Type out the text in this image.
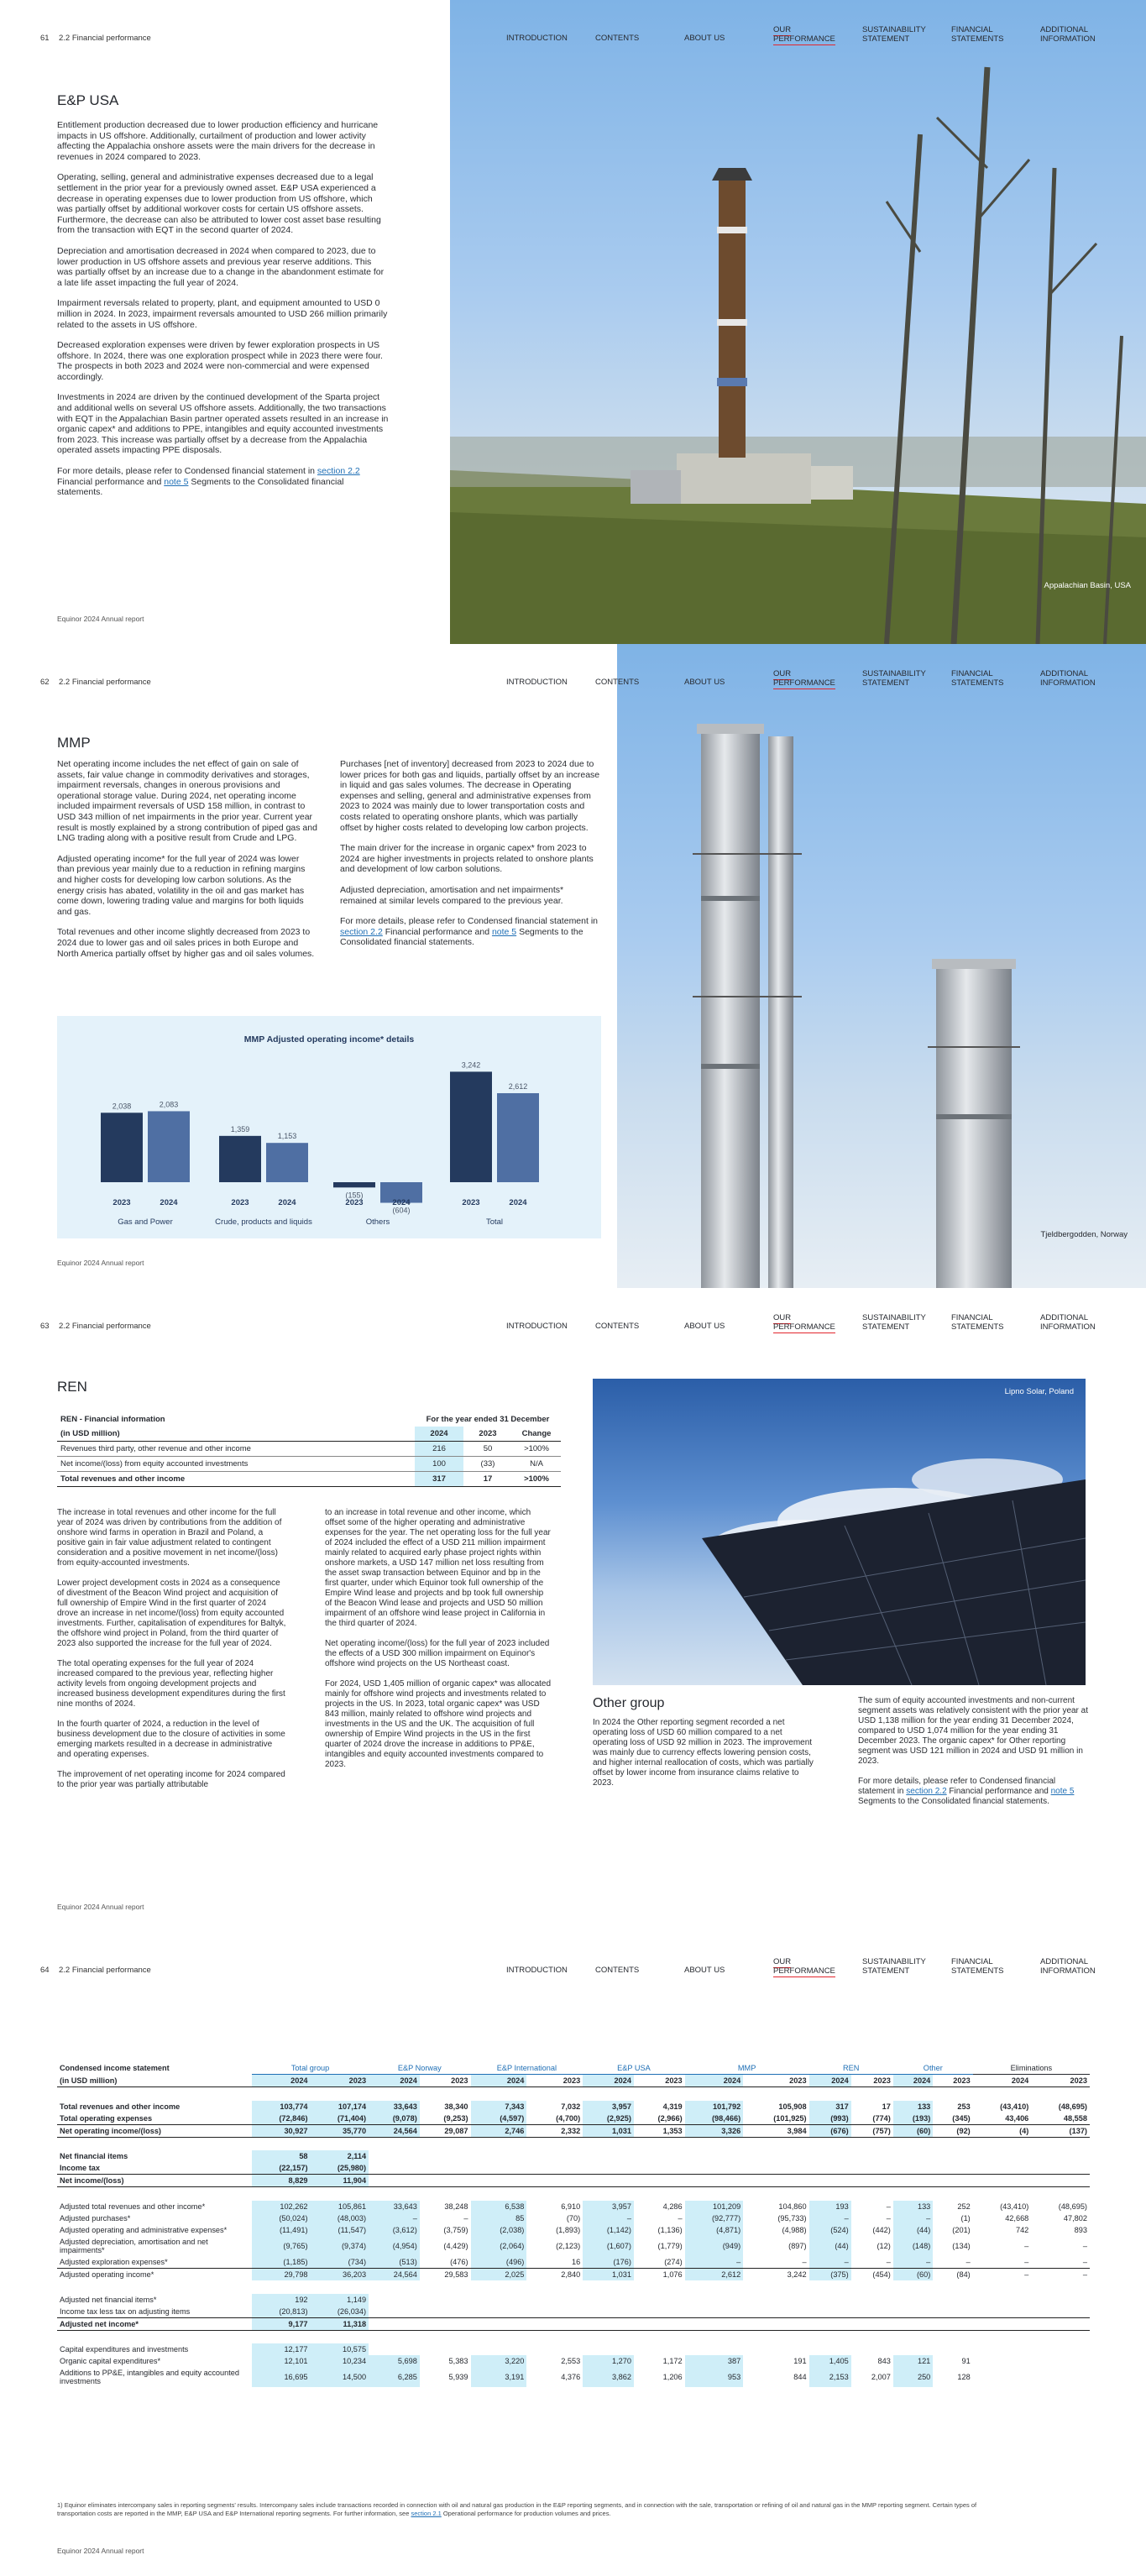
Appalachian Basin, USA
61 2.2 Financial performance	INTRODUCTION	CONTENTS	ABOUT US
OUR
PERFORMANCE
SUSTAINABILITY
STATEMENT
FINANCIAL
STATEMENTS
ADDITIONAL
INFORMATION
E&P USA

Entitlement production decreased due to lower production efficiency and hurricane impacts in US offshore. Additionally, curtailment of production and lower activity affecting the Appalachia onshore assets were the main drivers for the decrease in revenues in 2024 compared to 2023.

Operating, selling, general and administrative expenses decreased due to a legal settlement in the prior year for a previously owned asset. E&P USA experienced a decrease in operating expenses due to lower production from US offshore, which was partially offset by additional workover costs for certain US offshore assets. Furthermore, the decrease can also be attributed to lower cost asset base resulting from the transaction with EQT in the second quarter of 2024.

Depreciation and amortisation decreased in 2024 when compared to 2023, due to lower production in US offshore assets and previous year reserve additions. This was partially offset by an increase due to a change in the abandonment estimate for a late life asset impacting the full year of 2024.

Impairment reversals related to property, plant, and equipment amounted to USD 0 million in 2024. In 2023, impairment reversals amounted to USD 266 million primarily related to the assets in US offshore.

Decreased exploration expenses were driven by fewer exploration prospects in US offshore. In 2024, there was one exploration prospect while in 2023 there were four. The prospects in both 2023 and 2024 were non-commercial and were expensed accordingly.

Investments in 2024 are driven by the continued development of the Sparta project and additional wells on several US offshore assets. Additionally, the two transactions with EQT in the Appalachian Basin partner operated assets resulted in an increase in organic capex* and additions to PPE, intangibles and equity accounted investments from 2023. This increase was partially offset by a decrease from the Appalachia operated assets impacting PPE disposals.

For more details, please refer to Condensed financial statement in section 2.2 Financial performance and note 5 Segments to the Consolidated financial statements.

Equinor 2024 Annual report
Tjeldbergodden, Norway
62 2.2 Financial performance	INTRODUCTION	CONTENTS	ABOUT US
OUR
PERFORMANCE
SUSTAINABILITY
STATEMENT
FINANCIAL
STATEMENTS
ADDITIONAL
INFORMATION
MMP

Net operating income includes the net effect of gain on sale of assets, fair value change in commodity derivatives and storages, impairment reversals, changes in onerous provisions and operational storage value. During 2024, net operating income included impairment reversals of USD 158 million, in contrast to USD 343 million of net impairments in the prior year. Current year result is mostly explained by a strong contribution of piped gas and LNG trading along with a positive result from Crude and LPG.

Adjusted operating income* for the full year of 2024 was lower than previous year mainly due to a reduction in refining margins and higher costs for developing low carbon solutions. As the energy crisis has abated, volatility in the oil and gas market has come down, lowering trading value and margins for both liquids and gas.

Total revenues and other income slightly decreased from 2023 to 2024 due to lower gas and oil sales prices in both Europe and North America partially offset by higher gas and oil sales volumes.

Purchases [net of inventory] decreased from 2023 to 2024 due to lower prices for both gas and liquids, partially offset by an increase in liquid and gas sales volumes. The decrease in Operating expenses and selling, general and administrative expenses from 2023 to 2024 was mainly due to lower transportation costs and costs related to operating onshore plants, which was partially offset by higher costs related to developing low carbon projects.

The main driver for the increase in organic capex* from 2023 to 2024 are higher investments in projects related to onshore plants and development of low carbon solutions.

Adjusted depreciation, amortisation and net impairments* remained at similar levels compared to the previous year.

For more details, please refer to Condensed financial statement in section 2.2 Financial performance and note 5 Segments to the Consolidated financial statements.

MMP Adjusted operating income* details
2,038
2023
2,083
2024
Gas and Power
1,359
2023
1,153
2024
Crude, products and liquids
(155)
2023
(604)
2024
Others
3,242
2023
2,612
2024
Total
Equinor 2024 Annual report
Lipno Solar, Poland
63 2.2 Financial performance	INTRODUCTION	CONTENTS	ABOUT US
OUR
PERFORMANCE
SUSTAINABILITY
STATEMENT
FINANCIAL
STATEMENTS
ADDITIONAL
INFORMATION
REN
REN - Financial information	For the year ended 31 December		
(in USD million)	2024	2023	Change
Revenues third party, other revenue and other income	216	50	>100%
Net income/(loss) from equity accounted investments	100	(33)	N/A
Total revenues and other income	317	17	>100%

The increase in total revenues and other income for the full year of 2024 was driven by contributions from the addition of onshore wind farms in operation in Brazil and Poland, a positive gain in fair value adjustment related to contingent consideration and a positive movement in net income/(loss) from equity-accounted investments.

Lower project development costs in 2024 as a consequence of divestment of the Beacon Wind project and acquisition of full ownership of Empire Wind in the first quarter of 2024 drove an increase in net income/(loss) from equity accounted investments. Further, capitalisation of expenditures for Baltyk, the offshore wind project in Poland, from the third quarter of 2023 also supported the increase for the full year of 2024.

The total operating expenses for the full year of 2024 increased compared to the previous year, reflecting higher activity levels from ongoing development projects and increased business development expenditures during the first nine months of 2024.

In the fourth quarter of 2024, a reduction in the level of business development due to the closure of activities in some emerging markets resulted in a decrease in administrative and operating expenses.

The improvement of net operating income for 2024 compared to the prior year was partially attributable

to an increase in total revenue and other income, which offset some of the higher operating and administrative expenses for the year. The net operating loss for the full year of 2024 included the effect of a USD 211 million impairment mainly related to acquired early phase project rights within onshore markets, a USD 147 million net loss resulting from the asset swap transaction between Equinor and bp in the first quarter, under which Equinor took full ownership of the Empire Wind lease and projects and bp took full ownership of the Beacon Wind lease and projects and USD 50 million impairment of an offshore wind lease project in California in the third quarter of 2024.

Net operating income/(loss) for the full year of 2023 included the effects of a USD 300 million impairment on Equinor's offshore wind projects on the US Northeast coast.

For 2024, USD 1,405 million of organic capex* was allocated mainly for offshore wind projects and investments related to projects in the US. In 2023, total organic capex* was USD 843 million, mainly related to offshore wind projects and investments in the US and the UK. The acquisition of full ownership of Empire Wind projects in the US in the first quarter of 2024 drove the increase in additions to PP&E, intangibles and equity accounted investments compared to 2023.

Other group

In 2024 the Other reporting segment recorded a net operating loss of USD 60 million compared to a net operating loss of USD 92 million in 2023. The improvement was mainly due to currency effects lowering pension costs, and higher internal reallocation of costs, which was partially offset by lower income from insurance claims relative to 2023.

The sum of equity accounted investments and non-current segment assets was relatively consistent with the prior year at USD 1,138 million for the year ending 31 December 2024, compared to USD 1,074 million for the year ending 31 December 2023. The organic capex* for Other reporting segment was USD 121 million in 2024 and USD 91 million in 2023.

For more details, please refer to Condensed financial statement in section 2.2 Financial performance and note 5 Segments to the Consolidated financial statements.

Equinor 2024 Annual report
64 2.2 Financial performance	INTRODUCTION	CONTENTS	ABOUT US
OUR
PERFORMANCE
SUSTAINABILITY
STATEMENT
FINANCIAL
STATEMENTS
ADDITIONAL
INFORMATION
Condensed income statement	Total group		E&P Norway		E&P International		E&P USA		MMP		REN		Other		Eliminations	
(in USD million)	2024	2023	2024	2023	2024	2023	2024	2023	2024	2023	2024	2023	2024	2023	2024	2023

Total revenues and other income	103,774	107,174	33,643	38,340	7,343	7,032	3,957	4,319	101,792	105,908	317	17	133	253	(43,410)	(48,695)
Total operating expenses	(72,846)	(71,404)	(9,078)	(9,253)	(4,597)	(4,700)	(2,925)	(2,966)	(98,466)	(101,925)	(993)	(774)	(193)	(345)	43,406	48,558
Net operating income/(loss)	30,927	35,770	24,564	29,087	2,746	2,332	1,031	1,353	3,326	3,984	(676)	(757)	(60)	(92)	(4)	(137)

Net financial items	58	2,114														
Income tax	(22,157)	(25,980)														
Net income/(loss)	8,829	11,904														

Adjusted total revenues and other income*	102,262	105,861	33,643	38,248	6,538	6,910	3,957	4,286	101,209	104,860	193	–	133	252	(43,410)	(48,695)
Adjusted purchases*	(50,024)	(48,003)	–	–	85	(70)	–	–	(92,777)	(95,733)	–	–	–	(1)	42,668	47,802
Adjusted operating and administrative expenses*	(11,491)	(11,547)	(3,612)	(3,759)	(2,038)	(1,893)	(1,142)	(1,136)	(4,871)	(4,988)	(524)	(442)	(44)	(201)	742	893
Adjusted depreciation, amortisation and net impairments*	(9,765)	(9,374)	(4,954)	(4,429)	(2,064)	(2,123)	(1,607)	(1,779)	(949)	(897)	(44)	(12)	(148)	(134)	–	–
Adjusted exploration expenses*	(1,185)	(734)	(513)	(476)	(496)	16	(176)	(274)	–	–	–	–	–	–	–	–
Adjusted operating income*	29,798	36,203	24,564	29,583	2,025	2,840	1,031	1,076	2,612	3,242	(375)	(454)	(60)	(84)	–	–

Adjusted net financial items*	192	1,149														
Income tax less tax on adjusting items	(20,813)	(26,034)														
Adjusted net income*	9,177	11,318														

Capital expenditures and investments	12,177	10,575														
Organic capital expenditures*	12,101	10,234	5,698	5,383	3,220	2,553	1,270	1,172	387	191	1,405	843	121	91		
Additions to PP&E, intangibles and equity accounted investments	16,695	14,500	6,285	5,939	3,191	4,376	3,862	1,206	953	844	2,153	2,007	250	128		
1) Equinor eliminates intercompany sales in reporting segments' results. Intercompany sales include transactions recorded in connection with oil and natural gas production in the E&P reporting segments, and in connection with the sale, transportation or refining of oil and natural gas in the MMP reporting segment. Certain types of transportation costs are reported in the MMP, E&P USA and E&P International reporting segments. For further information, see section 2.1 Operational performance for production volumes and prices.
Equinor 2024 Annual report
